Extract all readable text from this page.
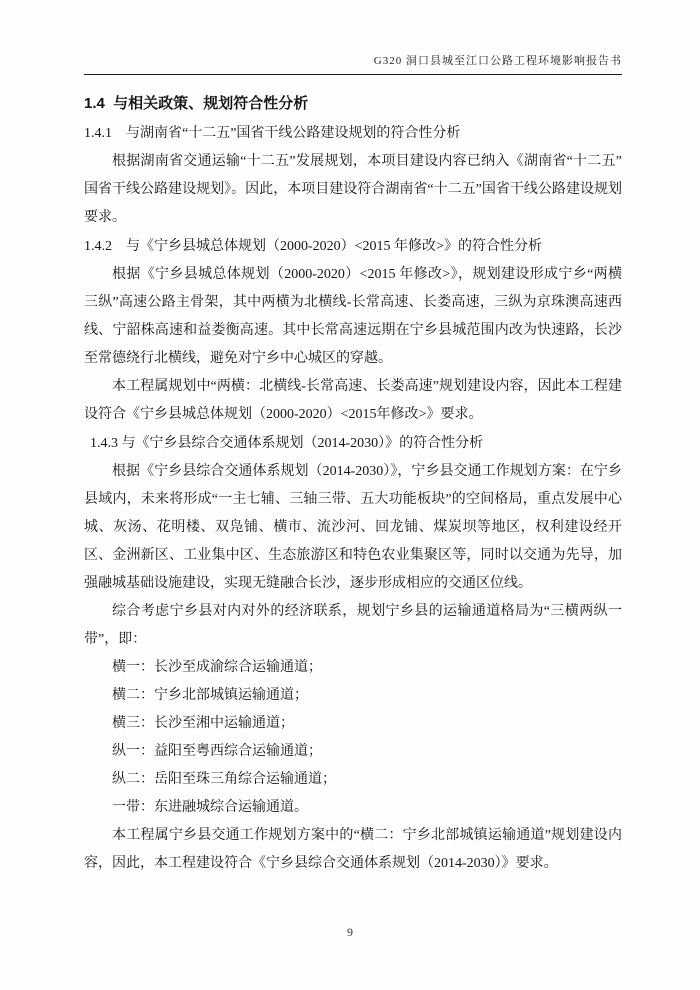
G320 洞口县城至江口公路工程环境影响报告书
1.4  与相关政策、规划符合性分析
1.4.1　与湖南省“十二五”国省干线公路建设规划的符合性分析

根据湖南省交通运输“十二五”发展规划，本项目建设内容已纳入《湖南省“十二五”国省干线公路建设规划》。因此，本项目建设符合湖南省“十二五”国省干线公路建设规划要求。

1.4.2　与《宁乡县城总体规划（2000-2020）<2015 年修改>》的符合性分析

根据《宁乡县城总体规划（2000-2020）<2015 年修改>》，规划建设形成宁乡“两横三纵”高速公路主骨架，其中两横为北横线-长常高速、长娄高速，三纵为京珠澳高速西线、宁韶株高速和益娄衡高速。其中长常高速远期在宁乡县城范围内改为快速路，长沙至常德绕行北横线，避免对宁乡中心城区的穿越。

本工程属规划中“两横：北横线-长常高速、长娄高速”规划建设内容，因此本工程建设符合《宁乡县城总体规划（2000-2020）<2015年修改>》要求。

1.4.3 与《宁乡县综合交通体系规划（2014-2030）》的符合性分析

根据《宁乡县综合交通体系规划（2014-2030）》，宁乡县交通工作规划方案：在宁乡县域内，未来将形成“一主七辅、三轴三带、五大功能板块”的空间格局，重点发展中心城、灰汤、花明楼、双凫铺、横市、流沙河、回龙铺、煤炭坝等地区，权利建设经开区、金洲新区、工业集中区、生态旅游区和特色农业集聚区等，同时以交通为先导，加强融城基础设施建设，实现无缝融合长沙，逐步形成相应的交通区位线。

综合考虑宁乡县对内对外的经济联系，规划宁乡县的运输通道格局为“三横两纵一带”，即：

横一：长沙至成渝综合运输通道；

横二：宁乡北部城镇运输通道；

横三：长沙至湘中运输通道；

纵一：益阳至粤西综合运输通道；

纵二：岳阳至珠三角综合运输通道；

一带：东进融城综合运输通道。

本工程属宁乡县交通工作规划方案中的“横二：宁乡北部城镇运输通道”规划建设内容，因此，本工程建设符合《宁乡县综合交通体系规划（2014-2030）》要求。

9
